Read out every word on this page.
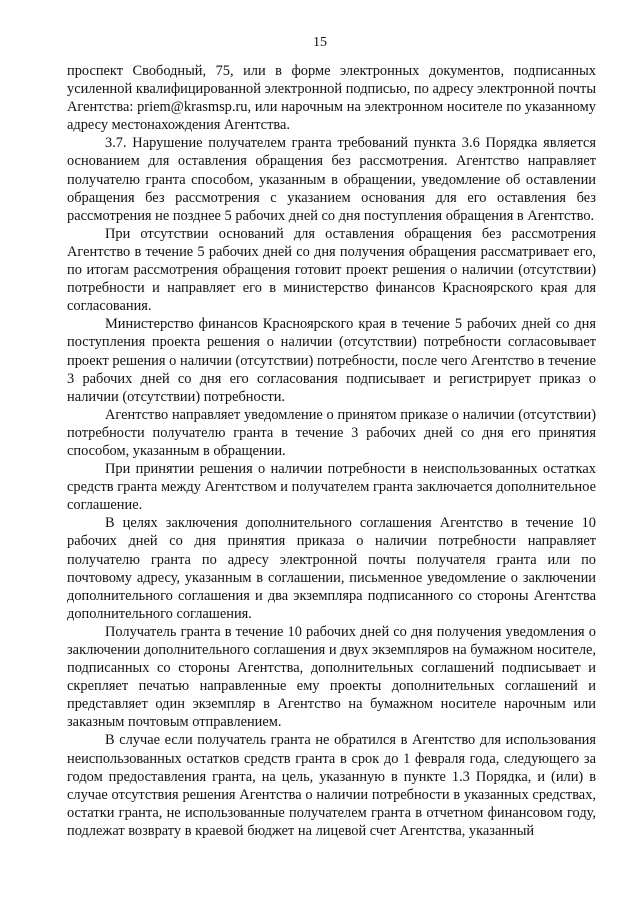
15

проспект Свободный, 75, или в форме электронных документов, подписанных усиленной квалифицированной электронной подписью, по адресу электронной почты Агентства: priem@krasmsp.ru, или нарочным на электронном носителе по указанному адресу местонахождения Агентства.

3.7. Нарушение получателем гранта требований пункта 3.6 Порядка является основанием для оставления обращения без рассмотрения. Агентство направляет получателю гранта способом, указанным в обращении, уведомление об оставлении обращения без рассмотрения с указанием основания для его оставления без рассмотрения не позднее 5 рабочих дней со дня поступления обращения в Агентство.

При отсутствии оснований для оставления обращения без рассмотрения Агентство в течение 5 рабочих дней со дня получения обращения рассматривает его, по итогам рассмотрения обращения готовит проект решения о наличии (отсутствии) потребности и направляет его в министерство финансов Красноярского края для согласования.

Министерство финансов Красноярского края в течение 5 рабочих дней со дня поступления проекта решения о наличии (отсутствии) потребности согласовывает проект решения о наличии (отсутствии) потребности, после чего Агентство в течение 3 рабочих дней со дня его согласования подписывает и регистрирует приказ о наличии (отсутствии) потребности.

Агентство направляет уведомление о принятом приказе о наличии (отсутствии) потребности получателю гранта в течение 3 рабочих дней со дня его принятия способом, указанным в обращении.

При принятии решения о наличии потребности в неиспользованных остатках средств гранта между Агентством и получателем гранта заключается дополнительное соглашение.

В целях заключения дополнительного соглашения Агентство в течение 10 рабочих дней со дня принятия приказа о наличии потребности направляет получателю гранта по адресу электронной почты получателя гранта или по почтовому адресу, указанным в соглашении, письменное уведомление о заключении дополнительного соглашения и два экземпляра подписанного со стороны Агентства дополнительного соглашения.

Получатель гранта в течение 10 рабочих дней со дня получения уведомления о заключении дополнительного соглашения и двух экземпляров на бумажном носителе, подписанных со стороны Агентства, дополнительных соглашений подписывает и скрепляет печатью направленные ему проекты дополнительных соглашений и представляет один экземпляр в Агентство на бумажном носителе нарочным или заказным почтовым отправлением.

В случае если получатель гранта не обратился в Агентство для использования неиспользованных остатков средств гранта в срок до 1 февраля года, следующего за годом предоставления гранта, на цель, указанную в пункте 1.3 Порядка, и (или) в случае отсутствия решения Агентства о наличии потребности в указанных средствах, остатки гранта, не использованные получателем гранта в отчетном финансовом году, подлежат возврату в краевой бюджет на лицевой счет Агентства, указанный
